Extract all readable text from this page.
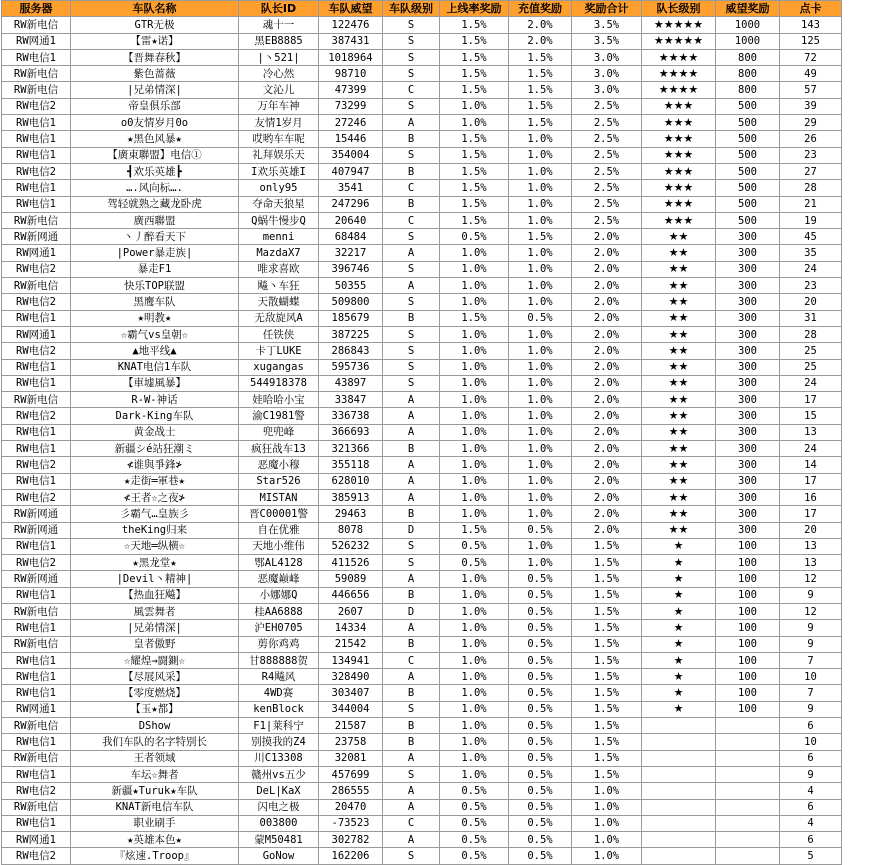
服务器	车队名称	队长ID	车队威望	车队级别	上线率奖励	充值奖励	奖励合计	队长级别	威望奖励	点卡
RW新电信	GTR无极	魂十一	122476	S	1.5%	2.0%	3.5%	★★★★★	1000	143
RW网通1	【雷★诺】	黑EB8885	387431	S	1.5%	2.0%	3.5%	★★★★★	1000	125
RW电信1	【晋舞春秋】	|丶521|	1018964	S	1.5%	1.5%	3.0%	★★★★	800	72
RW新电信	紫色蔷薇	冷心然	98710	S	1.5%	1.5%	3.0%	★★★★	800	49
RW新电信	|兄弟情深|	文沁儿	47399	C	1.5%	1.5%	3.0%	★★★★	800	57
RW电信2	帝皇俱乐部	万年车神	73299	S	1.0%	1.5%	2.5%	★★★	500	39
RW电信1	o0友情岁月0o	友情1岁月	27246	A	1.0%	1.5%	2.5%	★★★	500	29
RW电信1	★黑色风暴★	哎哟车车呢	15446	B	1.5%	1.0%	2.5%	★★★	500	26
RW电信1	【廣東聯盟】电信①	礼拜娱乐天	354004	S	1.5%	1.0%	2.5%	★★★	500	23
RW电信2	┫欢乐英雄┣	I欢乐英雄I	407947	B	1.5%	1.0%	2.5%	★★★	500	27
RW电信1	….风向标….	only95	3541	C	1.5%	1.0%	2.5%	★★★	500	28
RW电信1	驾轻就熟之藏龙卧虎	夺命天狼星	247296	B	1.5%	1.0%	2.5%	★★★	500	21
RW新电信	廣西聯盟	Q蜗牛慢步Q	20640	C	1.5%	1.0%	2.5%	★★★	500	19
RW新网通	丶丿醉看天下	menni	68484	S	0.5%	1.5%	2.0%	★★	300	45
RW网通1	|Power暴走族|	MazdaX7	32217	A	1.0%	1.0%	2.0%	★★	300	35
RW电信2	暴走F1	唯求喜欧	396746	S	1.0%	1.0%	2.0%	★★	300	24
RW新电信	快乐TOP联盟	飚丶车狂	50355	A	1.0%	1.0%	2.0%	★★	300	23
RW电信2	黑鹰车队	天散蝴蝶	509800	S	1.0%	1.0%	2.0%	★★	300	20
RW电信1	★明教★	无敌旋风A	185679	B	1.5%	0.5%	2.0%	★★	300	31
RW网通1	☆霸气vs皇朝☆	任铁侠	387225	S	1.0%	1.0%	2.0%	★★	300	28
RW电信2	▲地平线▲	卡丁LUKE	286843	S	1.0%	1.0%	2.0%	★★	300	25
RW电信1	KNAT电信1车队	xugangas	595736	S	1.0%	1.0%	2.0%	★★	300	25
RW电信1	【車墟風暴】	544918378	43897	S	1.0%	1.0%	2.0%	★★	300	24
RW新电信	R-W-神话	娃哈哈小宝	33847	A	1.0%	1.0%	2.0%	★★	300	17
RW电信2	Dark-King车队	渝C1981警	336738	A	1.0%	1.0%	2.0%	★★	300	15
RW电信1	黄金战士	兜兜峰	366693	A	1.0%	1.0%	2.0%	★★	300	13
RW电信1	新疆シé站狂潮ミ	疯狂战车13	321366	B	1.0%	1.0%	2.0%	★★	300	24
RW电信2	≮谁與爭鋒≯	恶魔小穆	355118	A	1.0%	1.0%	2.0%	★★	300	14
RW电信1	★走街═軍巷★	Star526	628010	A	1.0%	1.0%	2.0%	★★	300	17
RW电信2	≮王者☆之夜≯	MISTAN	385913	A	1.0%	1.0%	2.0%	★★	300	16
RW新网通	彡霸气…皇族彡	晋C00001警	29463	B	1.0%	1.0%	2.0%	★★	300	17
RW新网通	theKing归来	自在优雅	8078	D	1.5%	0.5%	2.0%	★★	300	20
RW电信1	☆天地═纵横☆	天地小维伟	526232	S	0.5%	1.0%	1.5%	★	100	13
RW电信2	★黑龙堂★	鄂AL4128	411526	S	0.5%	1.0%	1.5%	★	100	13
RW新网通	|Devil丶精神|	恶魔巅峰	59089	A	1.0%	0.5%	1.5%	★	100	12
RW电信1	【热血狂飚】	小娜娜Q	446656	B	1.0%	0.5%	1.5%	★	100	9
RW新电信	風雲舞者	桂AA6888	2607	D	1.0%	0.5%	1.5%	★	100	12
RW电信1	|兄弟情深|	沪EH0705	14334	A	1.0%	0.5%	1.5%	★	100	9
RW新电信	皇者傲野	剪你鸡鸡	21542	B	1.0%	0.5%	1.5%	★	100	9
RW电信1	☆耀煌→闘鍘☆	甘888888贺	134941	C	1.0%	0.5%	1.5%	★	100	7
RW电信1	【尽展风采】	R4飚风	328490	A	1.0%	0.5%	1.5%	★	100	10
RW电信1	【零度燃烧】	4WD赛	303407	B	1.0%	0.5%	1.5%	★	100	7
RW网通1	【玉★都】	kenBlock	344004	S	1.0%	0.5%	1.5%	★	100	9
RW新电信	DShow	F1|莱科宁	21587	B	1.0%	0.5%	1.5%			6
RW电信1	我们车队的名字特别长	别摸我的Z4	23758	B	1.0%	0.5%	1.5%			10
RW新电信	王者领域	川C13308	32081	A	1.0%	0.5%	1.5%			6
RW电信1	车坛☆舞者	赣州vs五少	457699	S	1.0%	0.5%	1.5%			9
RW电信2	新疆★Turuk★车队	DeL|KaX	286555	A	0.5%	0.5%	1.0%			4
RW新电信	KNAT新电信车队	闪电之极	20470	A	0.5%	0.5%	1.0%			6
RW电信1	职业刷手	003800	-73523	C	0.5%	0.5%	1.0%			4
RW网通1	★英雄本色★	蒙M50481	302782	A	0.5%	0.5%	1.0%			6
RW电信2	『炫速.Troop』	GoNow	162206	S	0.5%	0.5%	1.0%			5
